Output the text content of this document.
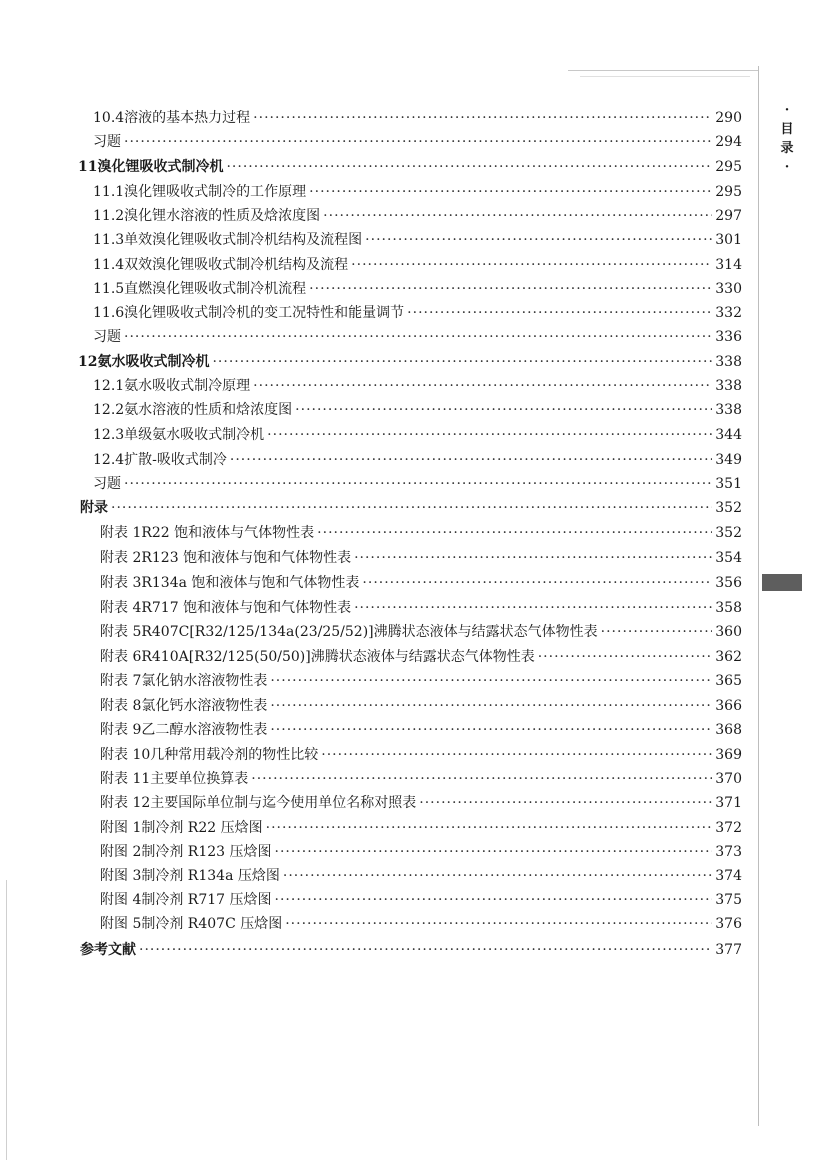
· 目 录 ·
10.4 溶液的基本热力过程 ·····	290
习题 ·····	294
11 溴化锂吸收式制冷机 ·····	295
11.1 溴化锂吸收式制冷的工作原理 ·····	295
11.2 溴化锂水溶液的性质及焓浓度图 ·····	297
11.3 单效溴化锂吸收式制冷机结构及流程图 ·····	301
11.4 双效溴化锂吸收式制冷机结构及流程 ·····	314
11.5 直燃溴化锂吸收式制冷机流程 ·····	330
11.6 溴化锂吸收式制冷机的变工况特性和能量调节 ·····	332
习题 ·····	336
12 氨水吸收式制冷机 ·····	338
12.1 氨水吸收式制冷原理 ·····	338
12.2 氨水溶液的性质和焓浓度图 ·····	338
12.3 单级氨水吸收式制冷机 ·····	344
12.4 扩散-吸收式制冷 ·····	349
习题 ·····	351
附录 ·····	352
附表 1 R22 饱和液体与气体物性表 ·····	352
附表 2 R123 饱和液体与饱和气体物性表 ·····	354
附表 3 R134a 饱和液体与饱和气体物性表 ·····	356
附表 4 R717 饱和液体与饱和气体物性表 ·····	358
附表 5 R407C[R32/125/134a(23/25/52)]沸腾状态液体与结露状态气体物性表 ·····	360
附表 6 R410A[R32/125(50/50)]沸腾状态液体与结露状态气体物性表 ·····	362
附表 7 氯化钠水溶液物性表 ·····	365
附表 8 氯化钙水溶液物性表 ·····	366
附表 9 乙二醇水溶液物性表 ·····	368
附表 10 几种常用载冷剂的物性比较 ·····	369
附表 11 主要单位换算表 ·····	370
附表 12 主要国际单位制与迄今使用单位名称对照表 ·····	371
附图 1 制冷剂 R22 压焓图 ·····	372
附图 2 制冷剂 R123 压焓图 ·····	373
附图 3 制冷剂 R134a 压焓图 ·····	374
附图 4 制冷剂 R717 压焓图 ·····	375
附图 5 制冷剂 R407C 压焓图 ·····	376
参考文献 ·····	377
